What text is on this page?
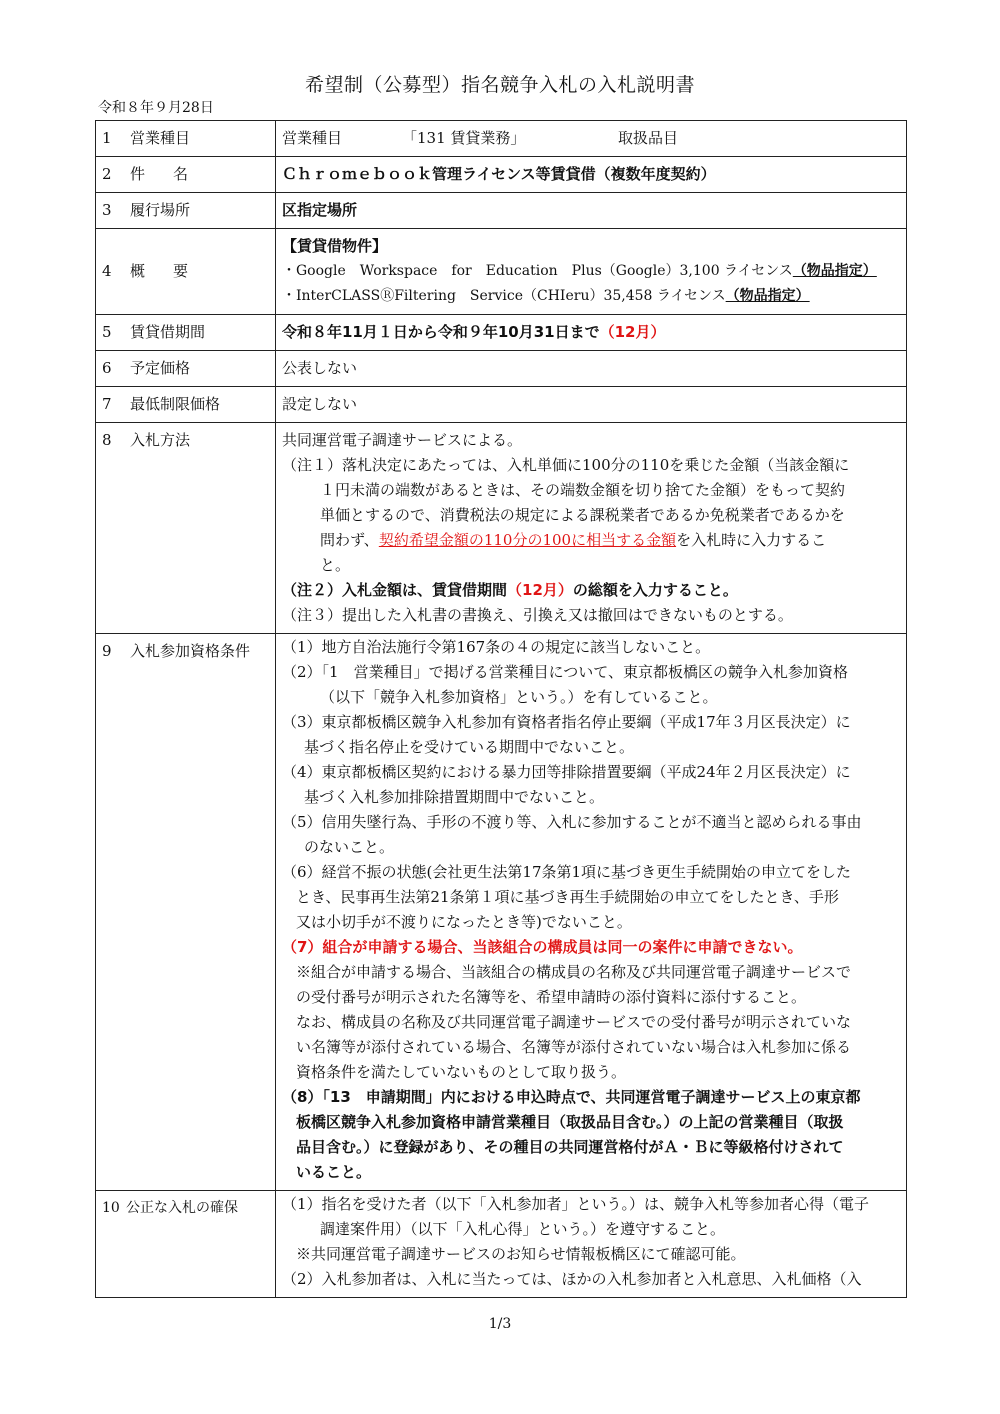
希望制（公募型）指名競争入札の入札説明書
令和８年９月28日
1 営業種目		営業種目	「131 賃貸業務」	取扱品目	

2 件名	Ｃｈｒｏｍｅｂｏｏｋ管理ライセンス等賃貸借（複数年度契約）
3 履行場所	区指定場所
4 概要	
【賃貸借物件】
・Google　Workspace　for　Education　Plus（Google）3,100 ライセンス（物品指定）
・InterCLASSⓇFiltering　Service（CHIeru）35,458 ライセンス（物品指定）

5 賃貸借期間	令和８年11月１日から令和９年10月31日まで（12月）
6 予定価格	公表しない
7 最低制限価格	設定しない
8 入札方法	共同運営電子調達サービスによる。
（注１）落札決定にあたっては、入札単価に100分の110を乗じた金額（当該金額に
１円未満の端数があるときは、その端数金額を切り捨てた金額）をもって契約
単価とするので、消費税法の規定による課税業者であるか免税業者であるかを
問わず、契約希望金額の110分の100に相当する金額を入札時に入力するこ
と。
（注２）入札金額は、賃貸借期間（12月）の総額を入力すること。
（注３）提出した入札書の書換え、引換え又は撤回はできないものとする。

9 入札参加資格条件	（1）地方自治法施行令第167条の４の規定に該当しないこと。
（2）「1　営業種目」で掲げる営業種目について、東京都板橋区の競争入札参加資格
（以下「競争入札参加資格」という。）を有していること。
（3）東京都板橋区競争入札参加有資格者指名停止要綱（平成17年３月区長決定）に
基づく指名停止を受けている期間中でないこと。
（4）東京都板橋区契約における暴力団等排除措置要綱（平成24年２月区長決定）に
基づく入札参加排除措置期間中でないこと。
（5）信用失墜行為、手形の不渡り等、入札に参加することが不適当と認められる事由
のないこと。
（6）経営不振の状態(会社更生法第17条第1項に基づき更生手続開始の申立てをした
とき、民事再生法第21条第１項に基づき再生手続開始の申立てをしたとき、手形
又は小切手が不渡りになったとき等)でないこと。
（7）組合が申請する場合、当該組合の構成員は同一の案件に申請できない。
※組合が申請する場合、当該組合の構成員の名称及び共同運営電子調達サービスで
の受付番号が明示された名簿等を、希望申請時の添付資料に添付すること。
なお、構成員の名称及び共同運営電子調達サービスでの受付番号が明示されていな
い名簿等が添付されている場合、名簿等が添付されていない場合は入札参加に係る
資格条件を満たしていないものとして取り扱う。
（8）「13　申請期間」内における申込時点で、共同運営電子調達サービス上の東京都
板橋区競争入札参加資格申請営業種目（取扱品目含む。）の上記の営業種目（取扱
品目含む。）に登録があり、その種目の共同運営格付がＡ・Ｂに等級格付けされて
いること。

10 公正な入札の確保	（1）指名を受けた者（以下「入札参加者」という。）は、競争入札等参加者心得（電子
調達案件用）（以下「入札心得」という。）を遵守すること。
※共同運営電子調達サービスのお知らせ情報板橋区にて確認可能。
（2）入札参加者は、入札に当たっては、ほかの入札参加者と入札意思、入札価格（入
1/3
